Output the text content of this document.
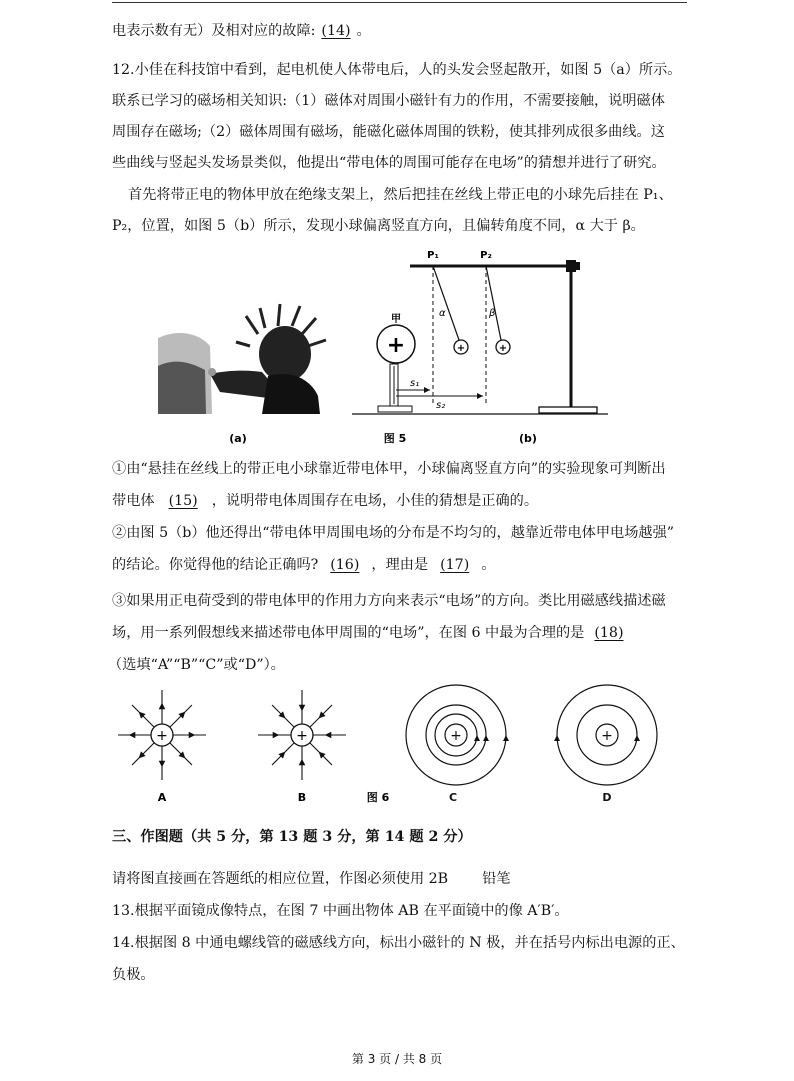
电表示数有无）及相对应的故障: (14) 。
12.小佳在科技馆中看到，起电机使人体带电后，人的头发会竖起散开，如图 5（a）所示。
联系已学习的磁场相关知识:（1）磁体对周围小磁针有力的作用，不需要接触，说明磁体
周围存在磁场;（2）磁体周围有磁场，能磁化磁体周围的铁粉，使其排列成很多曲线。这
些曲线与竖起头发场景类似，他提出“带电体的周围可能存在电场”的猜想并进行了研究。
首先将带正电的物体甲放在绝缘支架上，然后把挂在丝线上带正电的小球先后挂在 P₁、
P₂，位置，如图 5（b）所示，发现小球偏离竖直方向，且偏转角度不同，α 大于 β。
+
甲
P₁
+
α
P₂
+
β
s₁
s₂
(a)	图 5	(b)
①由“悬挂在丝线上的带正电小球靠近带电体甲，小球偏离竖直方向”的实验现象可判断出
带电体 (15) ，说明带电体周围存在电场，小佳的猜想是正确的。
②由图 5（b）他还得出“带电体甲周围电场的分布是不均匀的，越靠近带电体甲电场越强”
的结论。你觉得他的结论正确吗? (16) ，理由是 (17) 。
③如果用正电荷受到的带电体甲的作用力方向来表示“电场”的方向。类比用磁感线描述磁
场，用一系列假想线来描述带电体甲周围的“电场”，在图 6 中最为合理的是 (18)
（选填“A”“B”“C”或“D”）。
+
A
+
B	图 6
+
C
+
D
三、作图题（共 5 分，第 13 题 3 分，第 14 题 2 分）
请将图直接画在答题纸的相应位置，作图必须使用 2B 铅笔
13.根据平面镜成像特点，在图 7 中画出物体 AB 在平面镜中的像 A′B′。
14.根据图 8 中通电螺线管的磁感线方向，标出小磁针的 N 极，并在括号内标出电源的正、
负极。
第 3 页 / 共 8 页
